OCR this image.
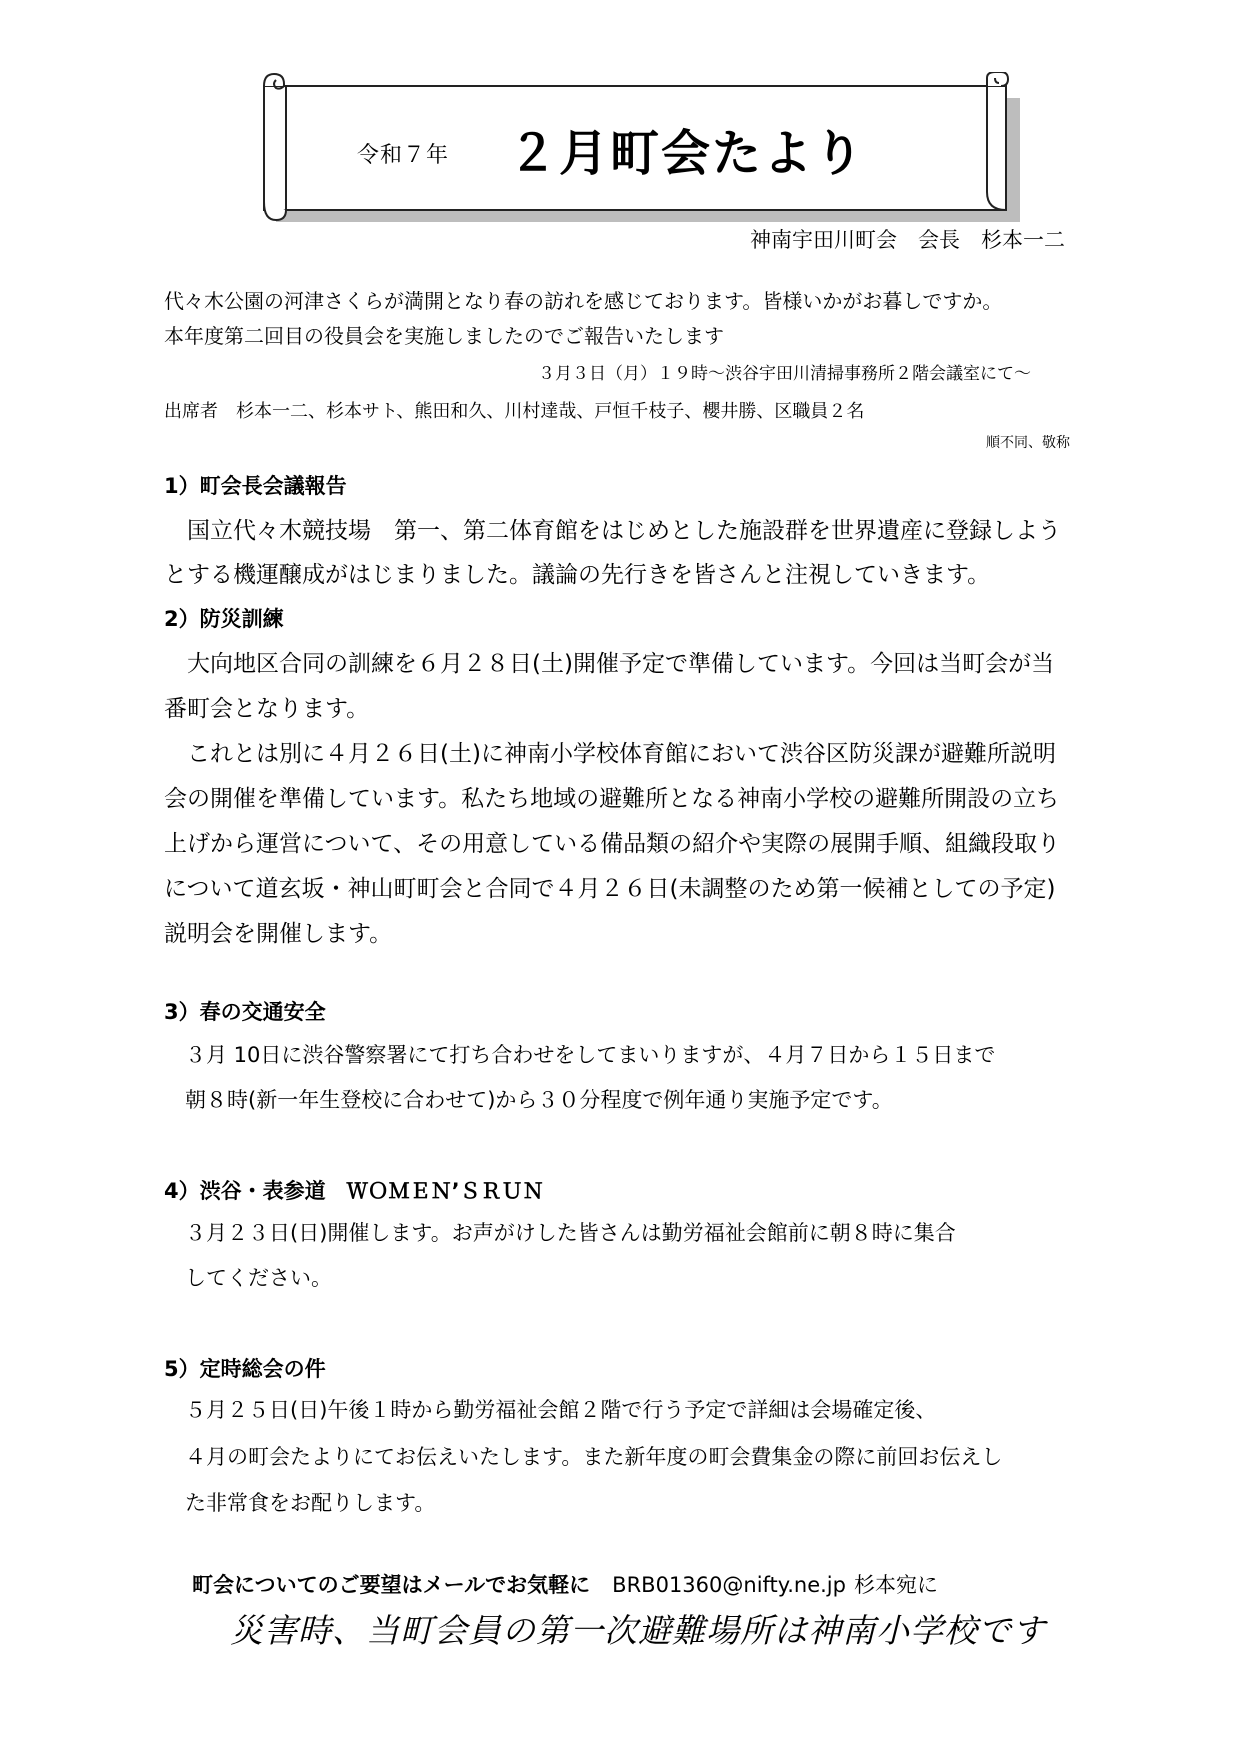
令和７年 ２月町会たより
神南宇田川町会　会長　杉本一二
代々木公園の河津さくらが満開となり春の訪れを感じております。皆様いかがお暮しですか。
本年度第二回目の役員会を実施しましたのでご報告いたします
３月３日（月）１９時～渋谷宇田川清掃事務所２階会議室にて～
出席者　杉本一二、杉本サト、熊田和久、川村達哉、戸恒千枝子、櫻井勝、区職員２名
順不同、敬称
1）町会長会議報告
　国立代々木競技場　第一、第二体育館をはじめとした施設群を世界遺産に登録しよう
とする機運醸成がはじまりました。議論の先行きを皆さんと注視していきます。
2）防災訓練
　大向地区合同の訓練を６月２８日(土)開催予定で準備しています。今回は当町会が当
番町会となります。
　これとは別に４月２６日(土)に神南小学校体育館において渋谷区防災課が避難所説明
会の開催を準備しています。私たち地域の避難所となる神南小学校の避難所開設の立ち
上げから運営について、その用意している備品類の紹介や実際の展開手順、組織段取り
について道玄坂・神山町町会と合同で４月２６日(未調整のため第一候補としての予定)
説明会を開催します。
3）春の交通安全
　３月 10日に渋谷警察署にて打ち合わせをしてまいりますが、４月７日から１５日まで
　朝８時(新一年生登校に合わせて)から３０分程度で例年通り実施予定です。
4）渋谷・表参道　ＷＯＭＥＮ’ＳＲＵＮ
　３月２３日(日)開催します。お声がけした皆さんは勤労福祉会館前に朝８時に集合
　してください。
5）定時総会の件
　５月２５日(日)午後１時から勤労福祉会館２階で行う予定で詳細は会場確定後、
　４月の町会たよりにてお伝えいたします。また新年度の町会費集金の際に前回お伝えし
　た非常食をお配りします。
町会についてのご要望はメールでお気軽に BRB01360@nifty.ne.jp 杉本宛に
災害時、当町会員の第一次避難場所は神南小学校です
